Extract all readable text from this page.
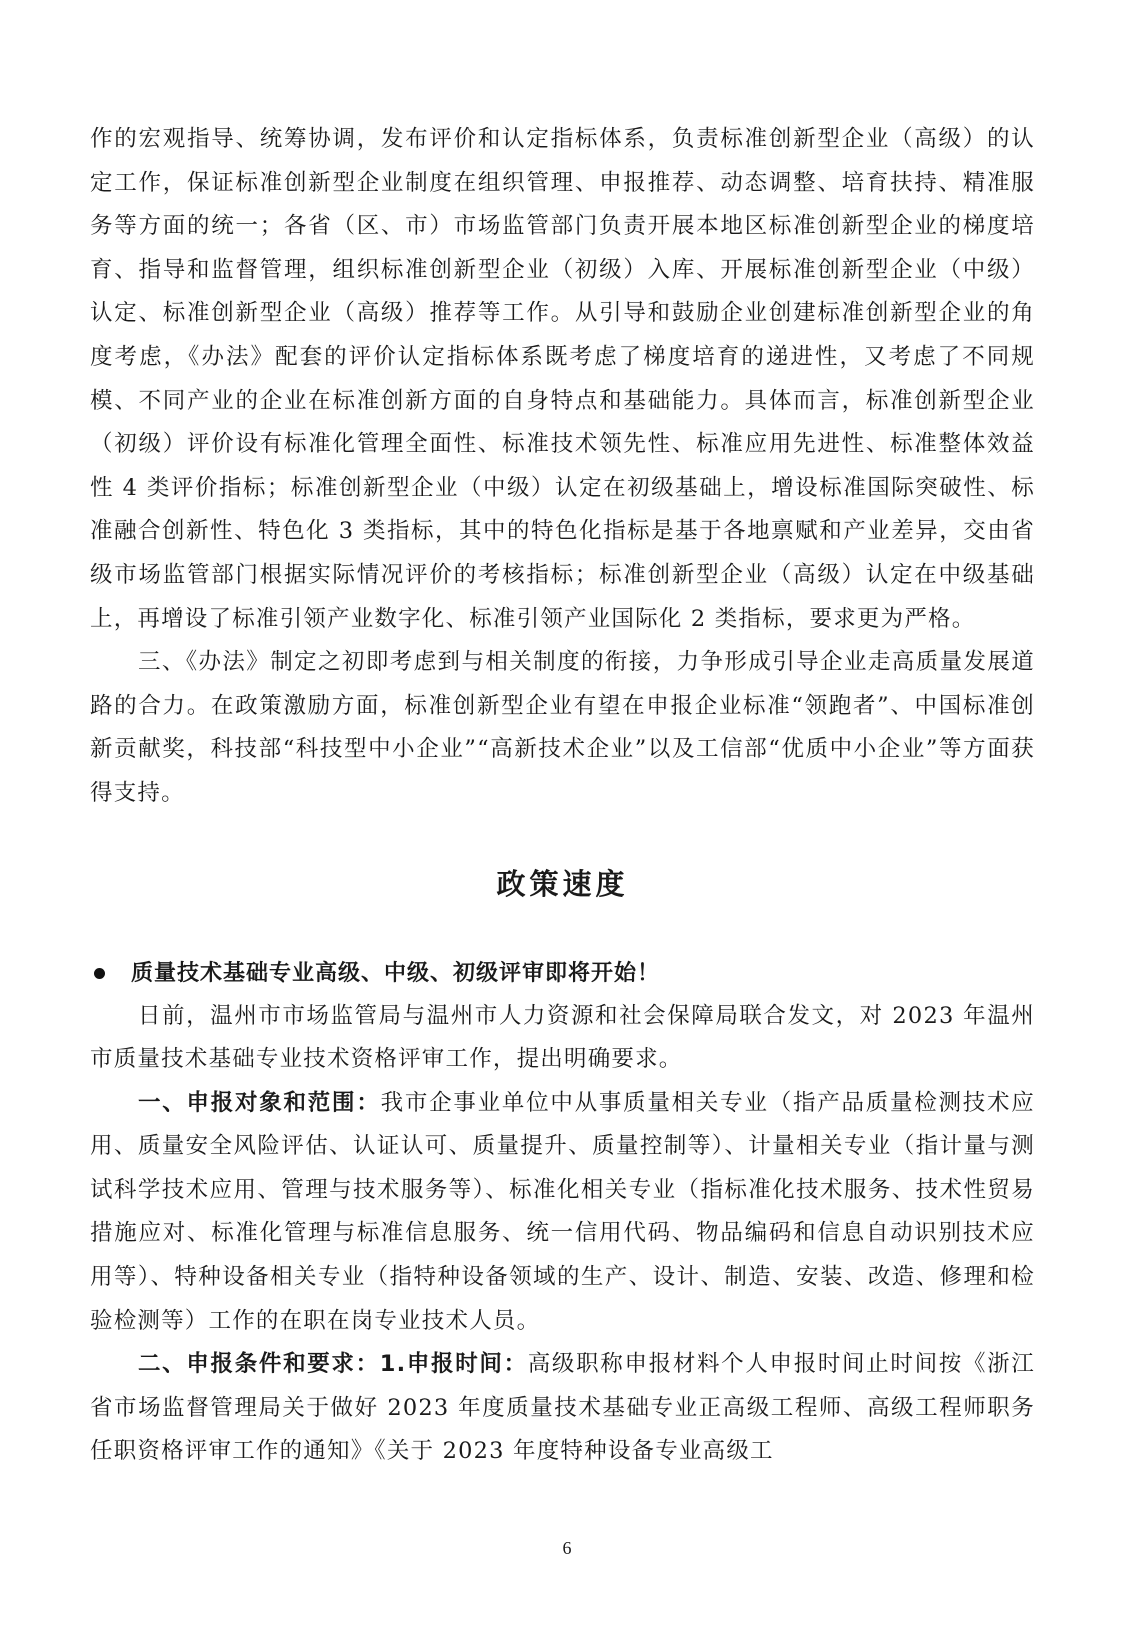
作的宏观指导、统筹协调，发布评价和认定指标体系，负责标准创新型企业（高级）的认定工作，保证标准创新型企业制度在组织管理、申报推荐、动态调整、培育扶持、精准服务等方面的统一；各省（区、市）市场监管部门负责开展本地区标准创新型企业的梯度培育、指导和监督管理，组织标准创新型企业（初级）入库、开展标准创新型企业（中级）认定、标准创新型企业（高级）推荐等工作。从引导和鼓励企业创建标准创新型企业的角度考虑，《办法》配套的评价认定指标体系既考虑了梯度培育的递进性，又考虑了不同规模、不同产业的企业在标准创新方面的自身特点和基础能力。具体而言，标准创新型企业（初级）评价设有标准化管理全面性、标准技术领先性、标准应用先进性、标准整体效益性 4 类评价指标；标准创新型企业（中级）认定在初级基础上，增设标准国际突破性、标准融合创新性、特色化 3 类指标，其中的特色化指标是基于各地禀赋和产业差异，交由省级市场监管部门根据实际情况评价的考核指标；标准创新型企业（高级）认定在中级基础上，再增设了标准引领产业数字化、标准引领产业国际化 2 类指标，要求更为严格。

三、《办法》制定之初即考虑到与相关制度的衔接，力争形成引导企业走高质量发展道路的合力。在政策激励方面，标准创新型企业有望在申报企业标准“领跑者”、中国标准创新贡献奖，科技部“科技型中小企业”“高新技术企业”以及工信部“优质中小企业”等方面获得支持。

政策速度
质量技术基础专业高级、中级、初级评审即将开始！

日前，温州市市场监管局与温州市人力资源和社会保障局联合发文，对 2023 年温州市质量技术基础专业技术资格评审工作，提出明确要求。

一、申报对象和范围：我市企事业单位中从事质量相关专业（指产品质量检测技术应用、质量安全风险评估、认证认可、质量提升、质量控制等）、计量相关专业（指计量与测试科学技术应用、管理与技术服务等）、标准化相关专业（指标准化技术服务、技术性贸易措施应对、标准化管理与标准信息服务、统一信用代码、物品编码和信息自动识别技术应用等）、特种设备相关专业（指特种设备领域的生产、设计、制造、安装、改造、修理和检验检测等）工作的在职在岗专业技术人员。

二、申报条件和要求：1.申报时间：高级职称申报材料个人申报时间止时间按《浙江省市场监督管理局关于做好 2023 年度质量技术基础专业正高级工程师、高级工程师职务任职资格评审工作的通知》《关于 2023 年度特种设备专业高级工

6
